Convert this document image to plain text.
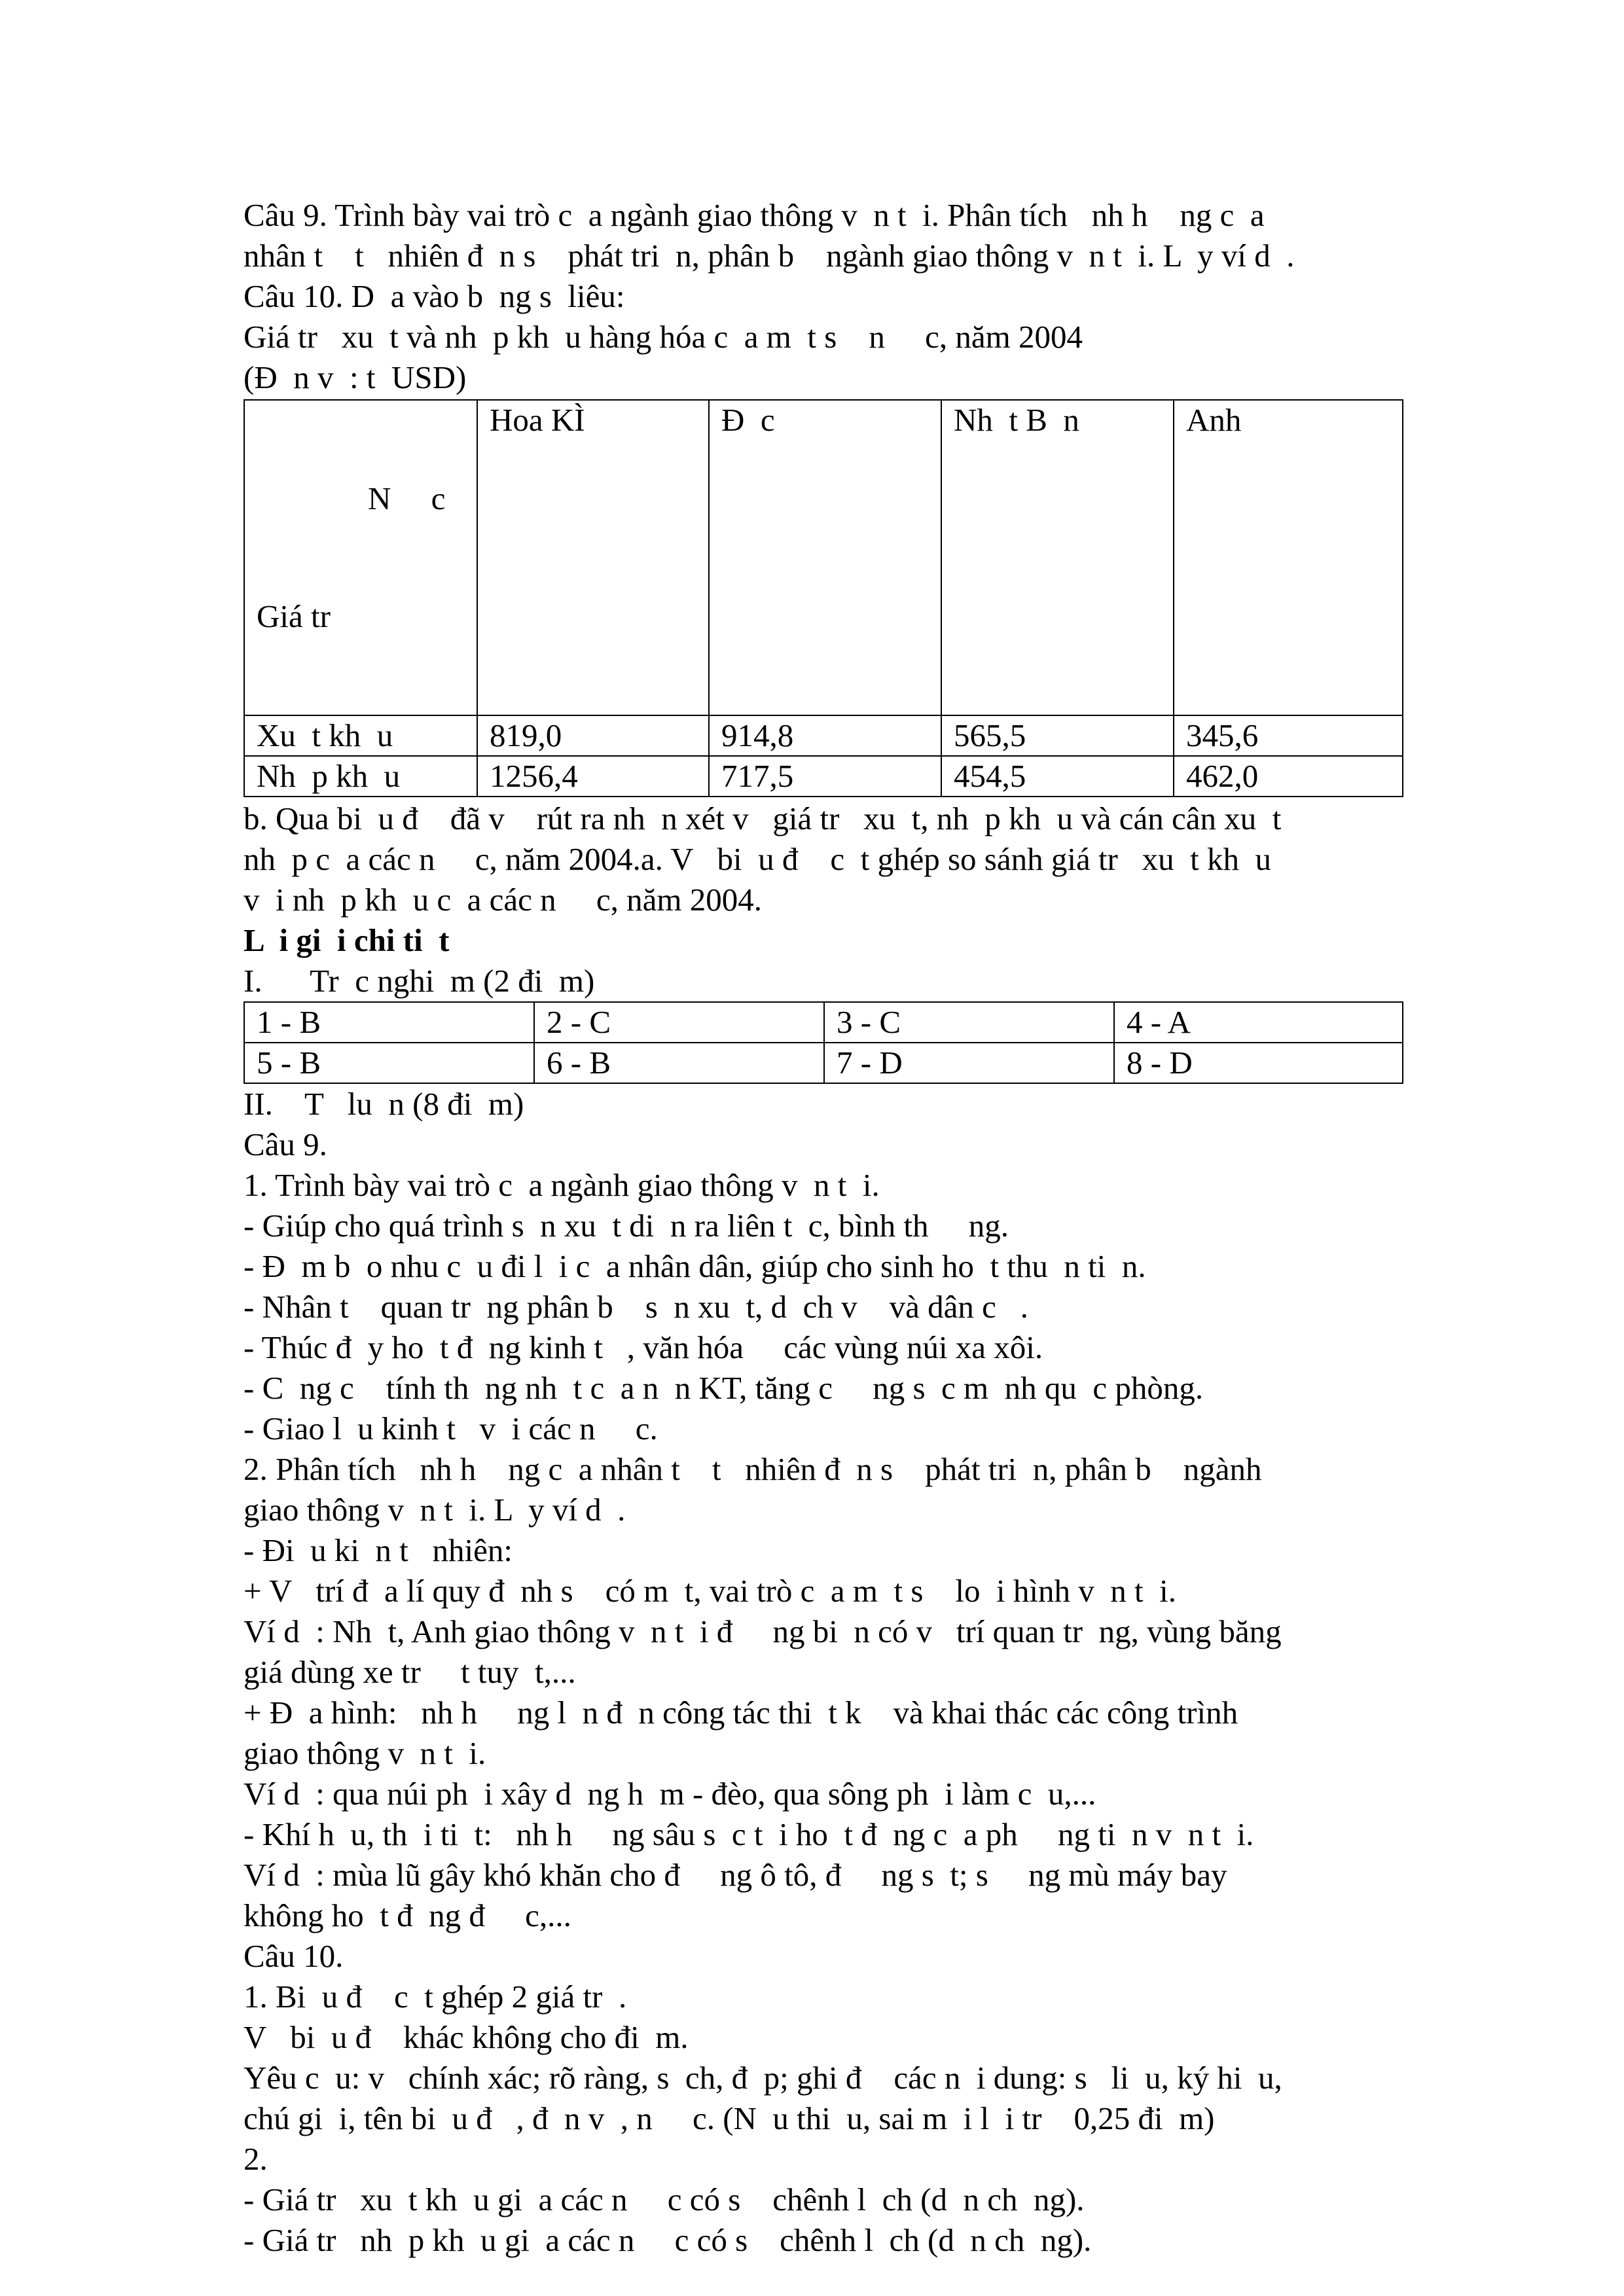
Câu 9. Trình bày vai trò c  a ngành giao thông v  n t  i. Phân tích   nh h    ng c  a
nhân t    t   nhiên đ  n s    phát tri  n, phân b    ngành giao thông v  n t  i. L  y ví d  .
Câu 10. D  a vào b  ng s  liêu:
Giá tr   xu  t và nh  p kh  u hàng hóa c  a m  t s    n     c, năm 2004
(Đ  n v  : t  USD)

N     c

Giá tr	Hoa KÌ	Đ  c	Nh  t B  n	Anh
Xu  t kh  u	819,0	914,8	565,5	345,6
Nh  p kh  u	1256,4	717,5	454,5	462,0
b. Qua bi  u đ    đã v    rút ra nh  n xét v   giá tr   xu  t, nh  p kh  u và cán cân xu  t
nh  p c  a các n     c, năm 2004.a. V   bi  u đ    c  t ghép so sánh giá tr   xu  t kh  u
v  i nh  p kh  u c  a các n     c, năm 2004.
L  i gi  i chi ti  t
I.      Tr  c nghi  m (2 đi  m)
1 - B	2 - C	3 - C	4 - A
5 - B	6 - B	7 - D	8 - D
II.    T   lu  n (8 đi  m)
Câu 9.
1. Trình bày vai trò c  a ngành giao thông v  n t  i.
- Giúp cho quá trình s  n xu  t di  n ra liên t  c, bình th     ng.
- Đ  m b  o nhu c  u đi l  i c  a nhân dân, giúp cho sinh ho  t thu  n ti  n.
- Nhân t    quan tr  ng phân b    s  n xu  t, d  ch v    và dân c   .
- Thúc đ  y ho  t đ  ng kinh t   , văn hóa     các vùng núi xa xôi.
- C  ng c    tính th  ng nh  t c  a n  n KT, tăng c     ng s  c m  nh qu  c phòng.
- Giao l  u kinh t   v  i các n     c.
2. Phân tích   nh h    ng c  a nhân t    t   nhiên đ  n s    phát tri  n, phân b    ngành
giao thông v  n t  i. L  y ví d  .
- Đi  u ki  n t   nhiên:
+ V   trí đ  a lí quy đ  nh s    có m  t, vai trò c  a m  t s    lo  i hình v  n t  i.
Ví d  : Nh  t, Anh giao thông v  n t  i đ     ng bi  n có v   trí quan tr  ng, vùng băng
giá dùng xe tr     t tuy  t,...
+ Đ  a hình:   nh h     ng l  n đ  n công tác thi  t k    và khai thác các công trình
giao thông v  n t  i.
Ví d  : qua núi ph  i xây d  ng h  m - đèo, qua sông ph  i làm c  u,...
- Khí h  u, th  i ti  t:   nh h     ng sâu s  c t  i ho  t đ  ng c  a ph     ng ti  n v  n t  i.
Ví d  : mùa lũ gây khó khăn cho đ     ng ô tô, đ     ng s  t; s     ng mù máy bay
không ho  t đ  ng đ     c,...
Câu 10.
1. Bi  u đ    c  t ghép 2 giá tr  .
V   bi  u đ    khác không cho đi  m.
Yêu c  u: v   chính xác; rõ ràng, s  ch, đ  p; ghi đ    các n  i dung: s   li  u, ký hi  u,
chú gi  i, tên bi  u đ   , đ  n v  , n     c. (N  u thi  u, sai m  i l  i tr    0,25 đi  m)
2.
- Giá tr   xu  t kh  u gi  a các n     c có s    chênh l  ch (d  n ch  ng).
- Giá tr   nh  p kh  u gi  a các n     c có s    chênh l  ch (d  n ch  ng).
